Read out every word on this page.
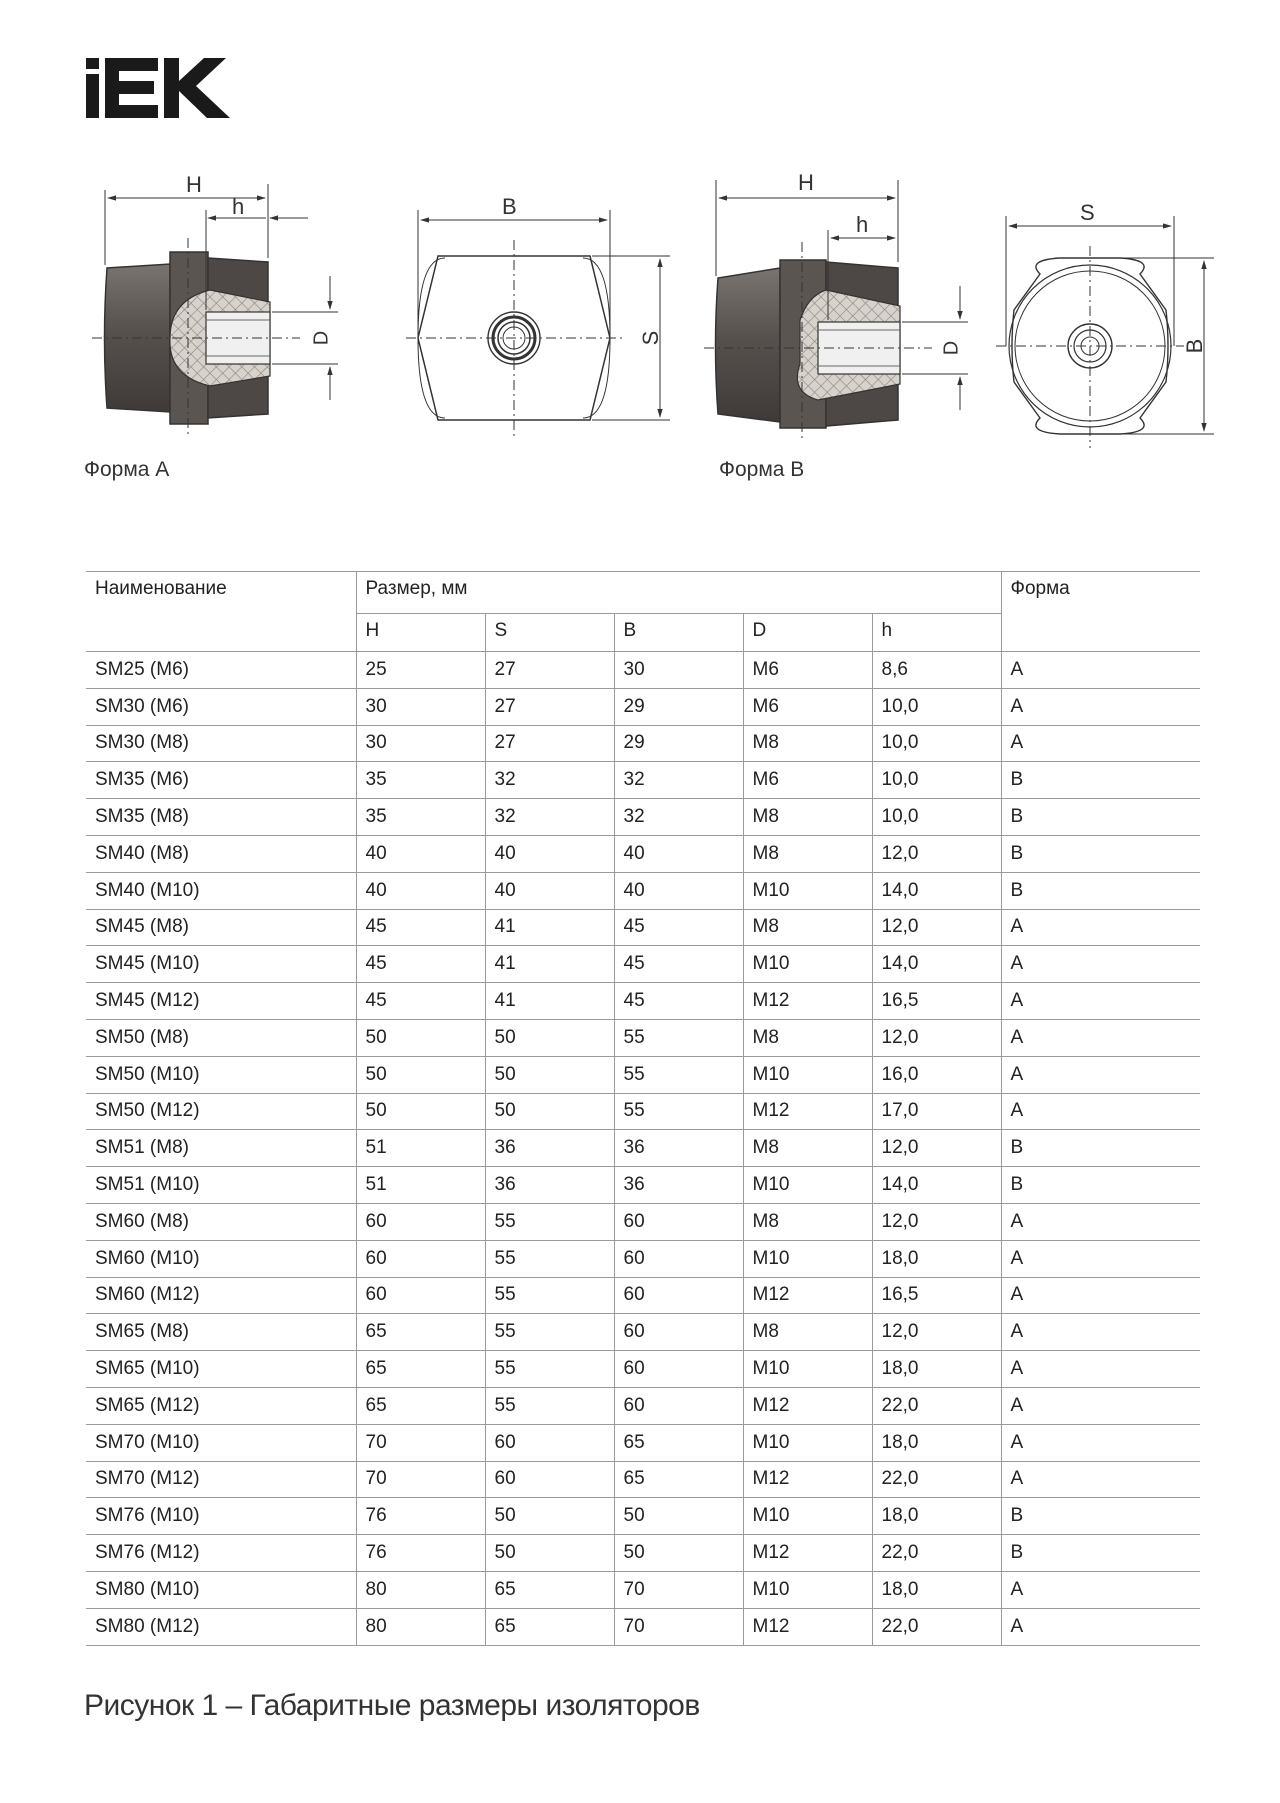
H
h
D
B
S
H
h
D
S
B
Форма А	Форма В
Наименование	Размер, мм					Форма
	H	S	B	D	h	
SM25 (M6)	25	27	30	M6	8,6	A
SM30 (M6)	30	27	29	M6	10,0	A
SM30 (M8)	30	27	29	M8	10,0	A
SM35 (M6)	35	32	32	M6	10,0	B
SM35 (M8)	35	32	32	M8	10,0	B
SM40 (M8)	40	40	40	M8	12,0	B
SM40 (M10)	40	40	40	M10	14,0	B
SM45 (M8)	45	41	45	M8	12,0	A
SM45 (M10)	45	41	45	M10	14,0	A
SM45 (M12)	45	41	45	M12	16,5	A
SM50 (M8)	50	50	55	M8	12,0	A
SM50 (M10)	50	50	55	M10	16,0	A
SM50 (M12)	50	50	55	M12	17,0	A
SM51 (M8)	51	36	36	M8	12,0	B
SM51 (M10)	51	36	36	M10	14,0	B
SM60 (M8)	60	55	60	M8	12,0	A
SM60 (M10)	60	55	60	M10	18,0	A
SM60 (M12)	60	55	60	M12	16,5	A
SM65 (M8)	65	55	60	M8	12,0	A
SM65 (M10)	65	55	60	M10	18,0	A
SM65 (M12)	65	55	60	M12	22,0	A
SM70 (M10)	70	60	65	M10	18,0	A
SM70 (M12)	70	60	65	M12	22,0	A
SM76 (M10)	76	50	50	M10	18,0	B
SM76 (M12)	76	50	50	M12	22,0	B
SM80 (M10)	80	65	70	M10	18,0	A
SM80 (M12)	80	65	70	M12	22,0	A
Рисунок 1 – Габаритные размеры изоляторов
